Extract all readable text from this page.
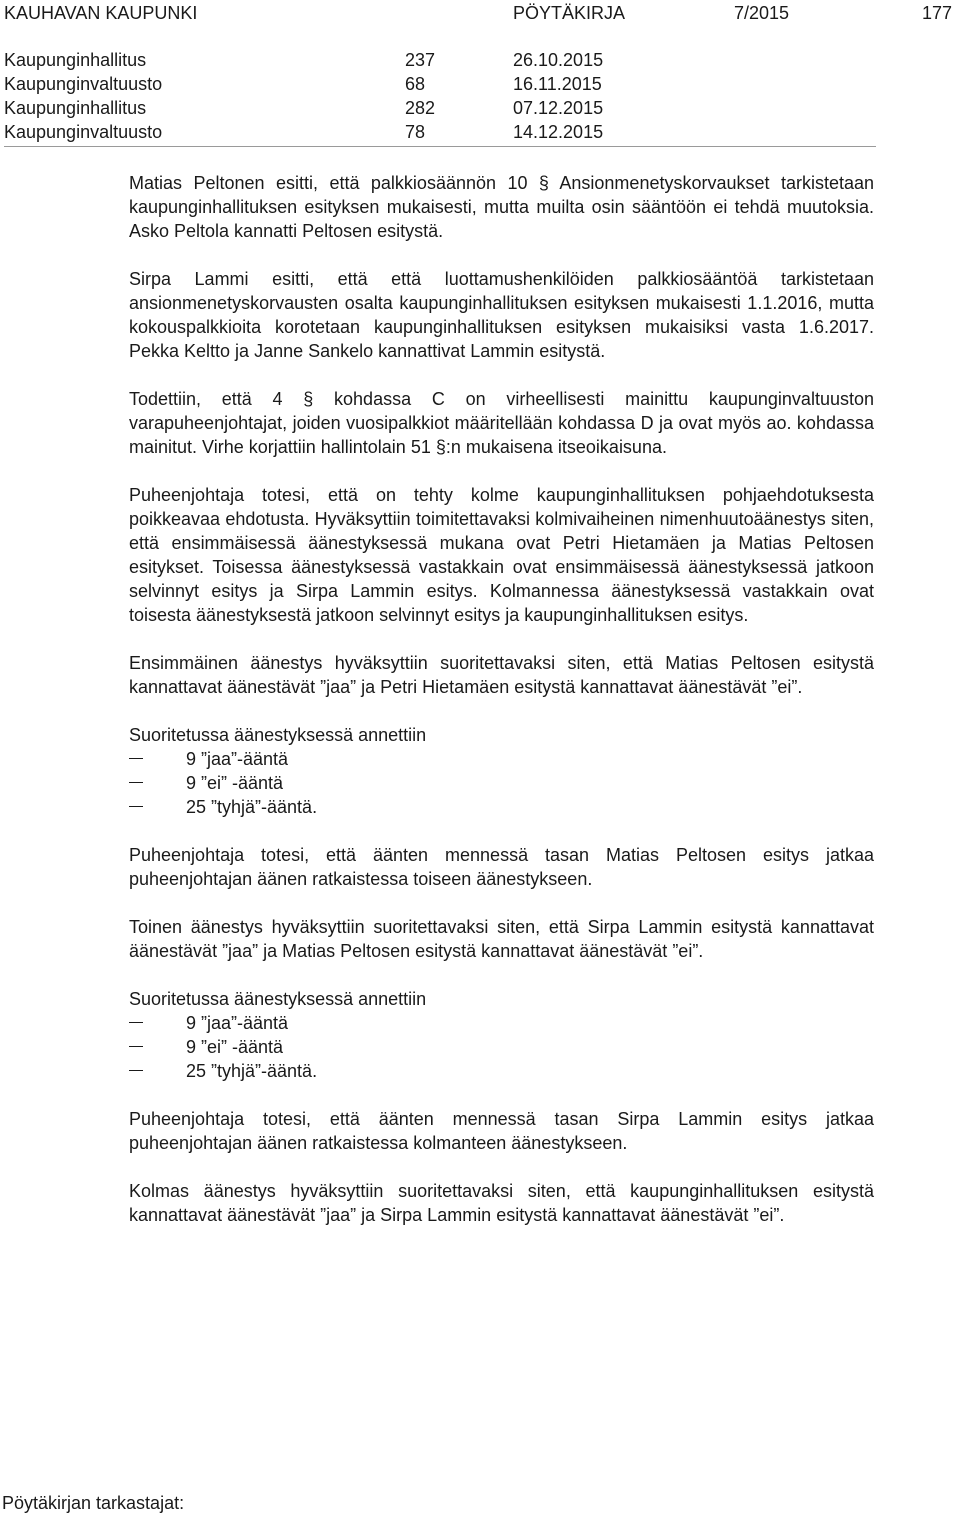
KAUHAVAN KAUPUNKI	PÖYTÄKIRJA	7/2015	177
Kaupunginhallitus	237	26.10.2015
Kaupunginvaltuusto	68	16.11.2015
Kaupunginhallitus	282	07.12.2015
Kaupunginvaltuusto	78	14.12.2015

Matias Peltonen esitti, että palkkiosäännön 10 § Ansionmenetyskorvaukset tarkistetaan kaupunginhallituksen esityksen mukaisesti, mutta muilta osin sääntöön ei tehdä muutoksia. Asko Peltola kannatti Peltosen esitystä.

Sirpa Lammi esitti, että että luottamushenkilöiden palkkiosääntöä tarkistetaan ansionmenetyskorvausten osalta kaupunginhallituksen esityksen mukaisesti 1.1.2016, mutta kokouspalkkioita korotetaan kaupunginhallituksen esityksen mukaisiksi vasta 1.6.2017. Pekka Keltto ja Janne Sankelo kannattivat Lammin esitystä.

Todettiin, että 4 § kohdassa C on virheellisesti mainittu kaupunginvaltuuston varapuheenjohtajat, joiden vuosipalkkiot määritellään kohdassa D ja ovat myös ao. kohdassa mainitut. Virhe korjattiin hallintolain 51 §:n mukaisena itseoikaisuna.

Puheenjohtaja totesi, että on tehty kolme kaupunginhallituksen pohjaehdotuksesta poikkeavaa ehdotusta. Hyväksyttiin toimitettavaksi kolmivaiheinen nimenhuutoäänestys siten, että ensimmäisessä äänestyksessä mukana ovat Petri Hietamäen ja Matias Peltosen esitykset. Toisessa äänestyksessä vastakkain ovat ensimmäisessä äänestyksessä jatkoon selvinnyt esitys ja Sirpa Lammin esitys. Kolmannessa äänestyksessä vastakkain ovat toisesta äänestyksestä jatkoon selvinnyt esitys ja kaupunginhallituksen esitys.

Ensimmäinen äänestys hyväksyttiin suoritettavaksi siten, että Matias Peltosen esitystä kannattavat äänestävät ”jaa” ja Petri Hietamäen esitystä kannattavat äänestävät ”ei”.

Suoritetussa äänestyksessä annettiin

9 ”jaa”-ääntä
9 ”ei” -ääntä
25 ”tyhjä”-ääntä.

Puheenjohtaja totesi, että äänten mennessä tasan Matias Peltosen esitys jatkaa puheenjohtajan äänen ratkaistessa toiseen äänestykseen.

Toinen äänestys hyväksyttiin suoritettavaksi siten, että Sirpa Lammin esitystä kannattavat äänestävät ”jaa” ja Matias Peltosen esitystä kannattavat äänestävät ”ei”.

Suoritetussa äänestyksessä annettiin

9 ”jaa”-ääntä
9 ”ei” -ääntä
25 ”tyhjä”-ääntä.

Puheenjohtaja totesi, että äänten mennessä tasan Sirpa Lammin esitys jatkaa puheenjohtajan äänen ratkaistessa kolmanteen äänestykseen.

Kolmas äänestys hyväksyttiin suoritettavaksi siten, että kaupunginhallituksen esitystä kannattavat äänestävät ”jaa” ja Sirpa Lammin esitystä kannattavat äänestävät ”ei”.

Pöytäkirjan tarkastajat:
